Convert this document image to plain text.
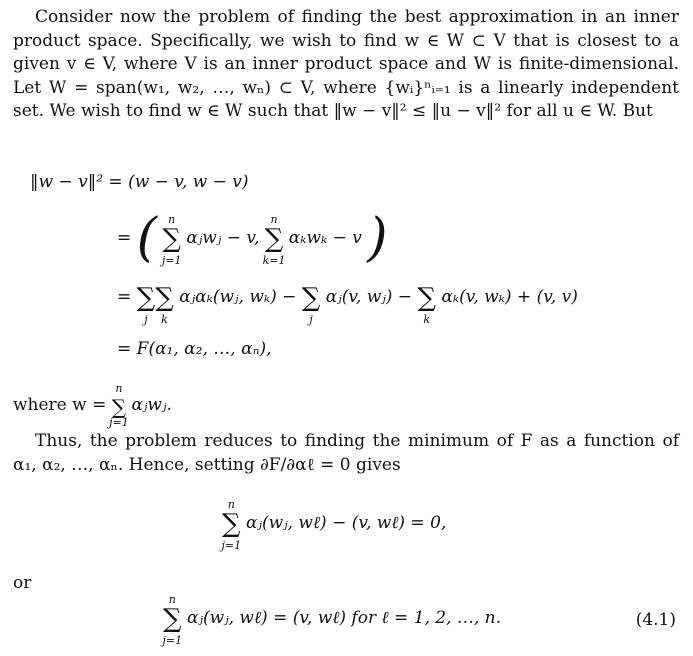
Consider now the problem of finding the best approximation in an inner product space. Specifically, we wish to find w ∈ W ⊂ V that is closest to a given v ∈ V, where V is an inner product space and W is finite-dimensional. Let W = span(w₁, w₂, …, wₙ) ⊂ V, where {wᵢ}ⁿᵢ₌₁ is a linearly independent set. We wish to find w ∈ W such that ‖w − v‖² ≤ ‖u − v‖² for all u ∈ W. But
‖w − v‖² = (w − v, w − v)
= ( ∑
n
j=1
αⱼwⱼ − v, ∑
n
k=1
αₖwₖ − v )
= ∑
j
∑
k
αⱼαₖ(wⱼ, wₖ) − ∑
j
αⱼ(v, wⱼ) − ∑
k
αₖ(v, wₖ) + (v, v)
= F(α₁, α₂, …, αₙ),
where w = ∑
n
j=1
αⱼwⱼ.
Thus, the problem reduces to finding the minimum of F as a function of α₁, α₂, …, αₙ. Hence, setting ∂F/∂αℓ = 0 gives
∑
n
j=1
αⱼ(wⱼ, wℓ) − (v, wℓ) = 0,
or
∑
n
j=1
αⱼ(wⱼ, wℓ) = (v, wℓ) for ℓ = 1, 2, …, n.	(4.1)
